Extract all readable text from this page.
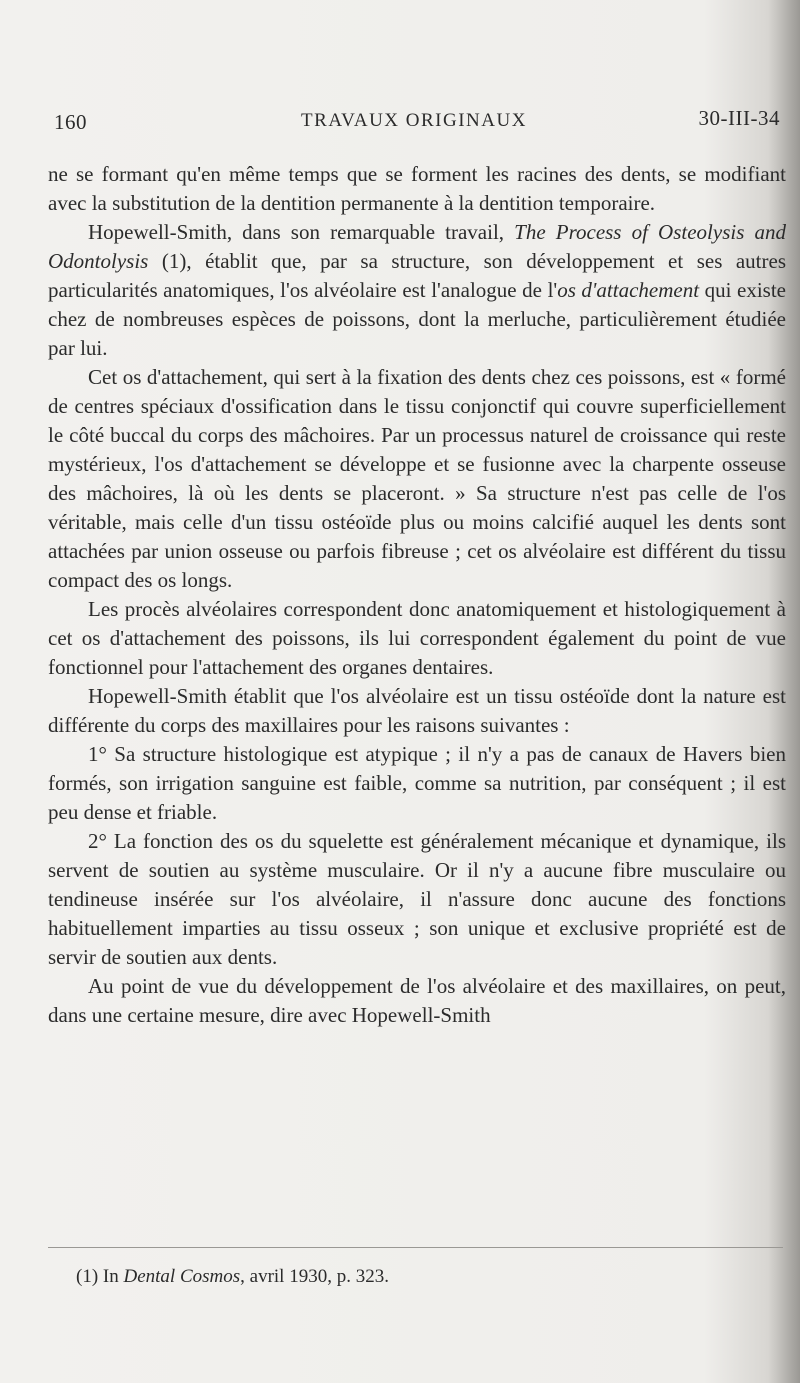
160	TRAVAUX ORIGINAUX	30-III-34

ne se formant qu'en même temps que se forment les racines des dents, se modifiant avec la substitution de la dentition permanente à la dentition temporaire.

Hopewell-Smith, dans son remarquable travail, The Process of Osteolysis and Odontolysis (1), établit que, par sa structure, son développement et ses autres particularités anatomiques, l'os alvéolaire est l'analogue de l'os d'attachement qui existe chez de nombreuses espèces de poissons, dont la merluche, particulièrement étudiée par lui.

Cet os d'attachement, qui sert à la fixation des dents chez ces poissons, est « formé de centres spéciaux d'ossification dans le tissu conjonctif qui couvre superficiellement le côté buccal du corps des mâchoires. Par un processus naturel de croissance qui reste mystérieux, l'os d'attachement se développe et se fusionne avec la charpente osseuse des mâchoires, là où les dents se placeront. » Sa structure n'est pas celle de l'os véritable, mais celle d'un tissu ostéoïde plus ou moins calcifié auquel les dents sont attachées par union osseuse ou parfois fibreuse ; cet os alvéolaire est différent du tissu compact des os longs.

Les procès alvéolaires correspondent donc anatomiquement et histologiquement à cet os d'attachement des poissons, ils lui correspondent également du point de vue fonctionnel pour l'attachement des organes dentaires.

Hopewell-Smith établit que l'os alvéolaire est un tissu ostéoïde dont la nature est différente du corps des maxillaires pour les raisons suivantes :

1° Sa structure histologique est atypique ; il n'y a pas de canaux de Havers bien formés, son irrigation sanguine est faible, comme sa nutrition, par conséquent ; il est peu dense et friable.

2° La fonction des os du squelette est généralement mécanique et dynamique, ils servent de soutien au système musculaire. Or il n'y a aucune fibre musculaire ou tendineuse insérée sur l'os alvéolaire, il n'assure donc aucune des fonctions habituellement imparties au tissu osseux ; son unique et exclusive propriété est de servir de soutien aux dents.

Au point de vue du développement de l'os alvéolaire et des maxillaires, on peut, dans une certaine mesure, dire avec Hopewell-Smith

(1) In Dental Cosmos, avril 1930, p. 323.
